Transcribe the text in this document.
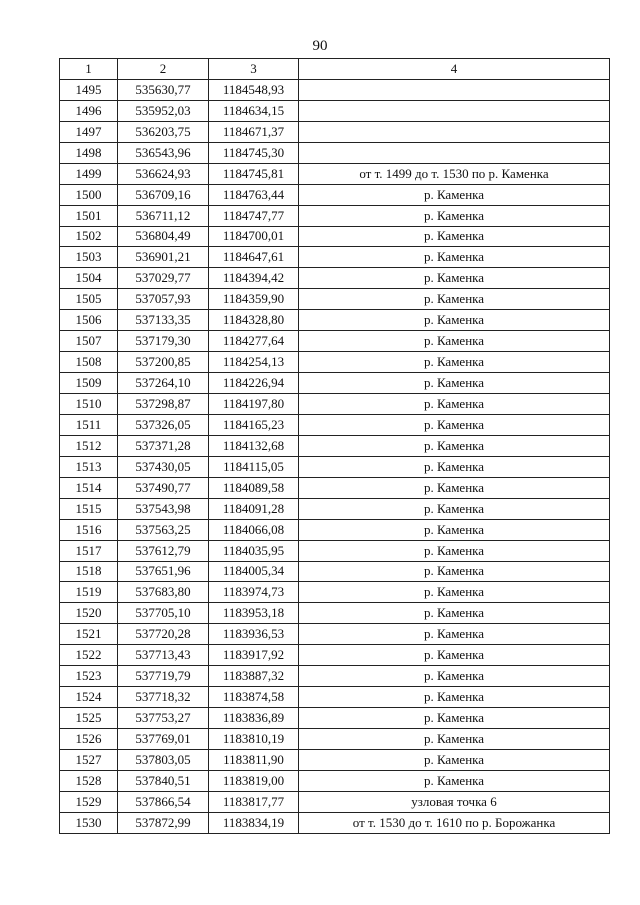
90
1	2	3	4
1495	535630,77	1184548,93	
1496	535952,03	1184634,15	
1497	536203,75	1184671,37	
1498	536543,96	1184745,30	
1499	536624,93	1184745,81	от т. 1499 до т. 1530 по р. Каменка
1500	536709,16	1184763,44	р. Каменка
1501	536711,12	1184747,77	р. Каменка
1502	536804,49	1184700,01	р. Каменка
1503	536901,21	1184647,61	р. Каменка
1504	537029,77	1184394,42	р. Каменка
1505	537057,93	1184359,90	р. Каменка
1506	537133,35	1184328,80	р. Каменка
1507	537179,30	1184277,64	р. Каменка
1508	537200,85	1184254,13	р. Каменка
1509	537264,10	1184226,94	р. Каменка
1510	537298,87	1184197,80	р. Каменка
1511	537326,05	1184165,23	р. Каменка
1512	537371,28	1184132,68	р. Каменка
1513	537430,05	1184115,05	р. Каменка
1514	537490,77	1184089,58	р. Каменка
1515	537543,98	1184091,28	р. Каменка
1516	537563,25	1184066,08	р. Каменка
1517	537612,79	1184035,95	р. Каменка
1518	537651,96	1184005,34	р. Каменка
1519	537683,80	1183974,73	р. Каменка
1520	537705,10	1183953,18	р. Каменка
1521	537720,28	1183936,53	р. Каменка
1522	537713,43	1183917,92	р. Каменка
1523	537719,79	1183887,32	р. Каменка
1524	537718,32	1183874,58	р. Каменка
1525	537753,27	1183836,89	р. Каменка
1526	537769,01	1183810,19	р. Каменка
1527	537803,05	1183811,90	р. Каменка
1528	537840,51	1183819,00	р. Каменка
1529	537866,54	1183817,77	узловая точка 6
1530	537872,99	1183834,19	от т. 1530 до т. 1610 по р. Борожанка
